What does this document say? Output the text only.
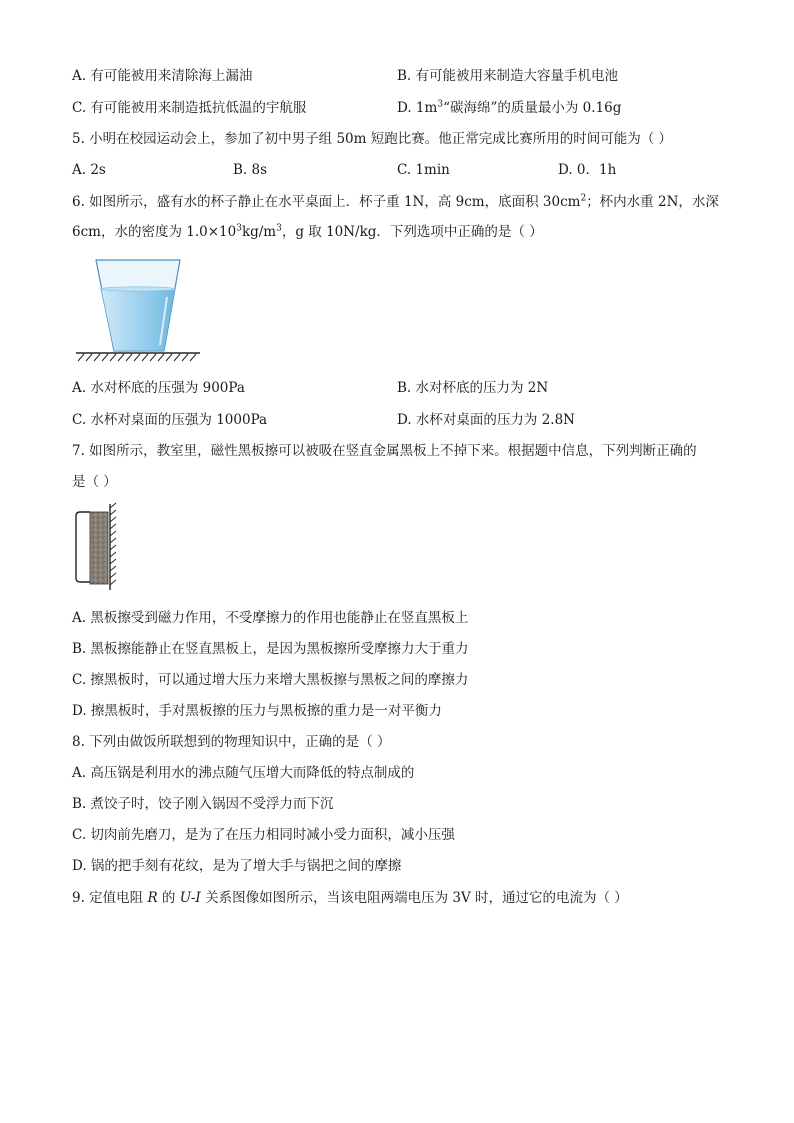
A. 有可能被用来清除海上漏油	B. 有可能被用来制造大容量手机电池
C. 有可能被用来制造抵抗低温的宇航服	D. $1m^3“$碳海绵”的质量最小为 0.16g
5. 小明在校园运动会上，参加了初中男子组 50m 短跑比赛。他正常完成比赛所用的时间可能为（ ）
A. 2s	B. 8s	C. 1min	D. 0．1h
6. 如图所示，盛有水的杯子静止在水平桌面上．杯子重 1N，高 9cm，底面积 $30cm^2$；杯内水重 2N，水深
6cm，水的密度为 $1.0\times 10^3kg/m^3$，g 取 10N/kg．下列选项中正确的是（ ）
A. 水对杯底的压强为 900Pa	B. 水对杯底的压力为 2N
C. 水杯对桌面的压强为 1000Pa	D. 水杯对桌面的压力为 2.8N
7. 如图所示，教室里，磁性黑板擦可以被吸在竖直金属黑板上不掉下来。根据题中信息，下列判断正确的
是（ ）
A. 黑板擦受到磁力作用，不受摩擦力的作用也能静止在竖直黑板上
B. 黑板擦能静止在竖直黑板上，是因为黑板擦所受摩擦力大于重力
C. 擦黑板时，可以通过增大压力来增大黑板擦与黑板之间的摩擦力
D. 擦黑板时，手对黑板擦的压力与黑板擦的重力是一对平衡力
8. 下列由做饭所联想到的物理知识中，正确的是（ ）
A. 高压锅是利用水的沸点随气压增大而降低的特点制成的
B. 煮饺子时，饺子刚入锅因不受浮力而下沉
C. 切肉前先磨刀，是为了在压力相同时减小受力面积，减小压强
D. 锅的把手刻有花纹，是为了增大手与锅把之间的摩擦
9. 定值电阻 R 的 U-I 关系图像如图所示，当该电阻两端电压为 3V 时，通过它的电流为（ ）
